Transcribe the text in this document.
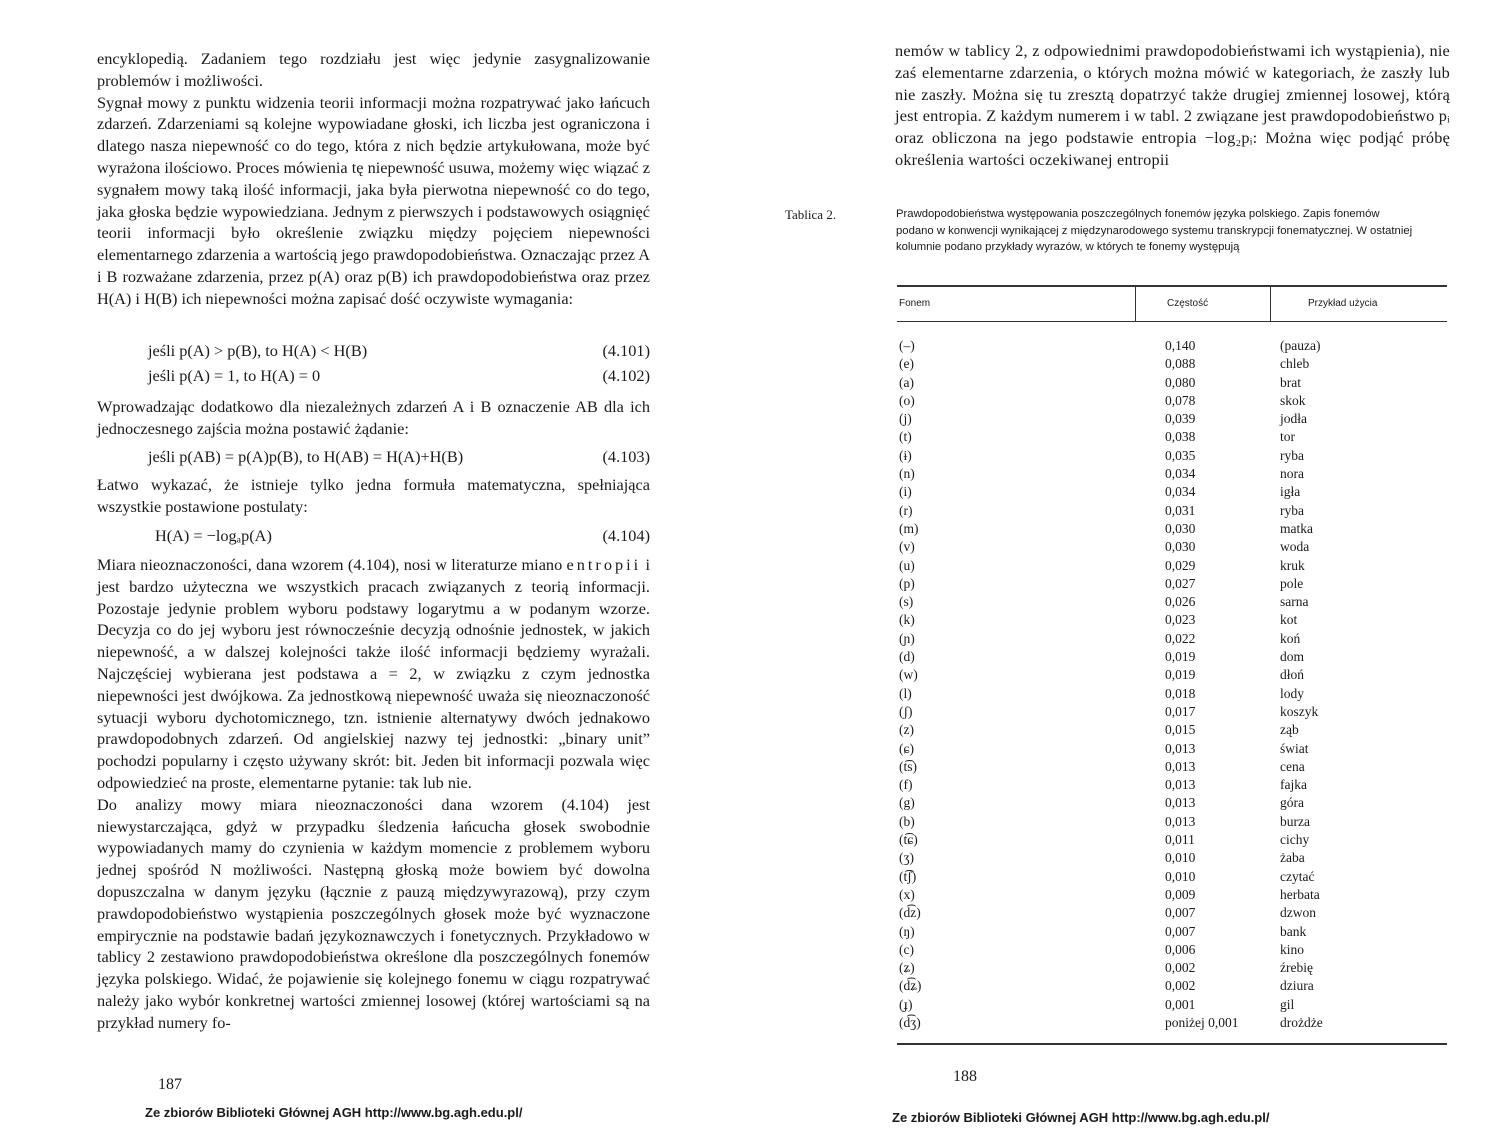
encyklopedią. Zadaniem tego rozdziału jest więc jedynie zasygnalizowanie problemów i możliwości.

Sygnał mowy z punktu widzenia teorii informacji można rozpatrywać jako łańcuch zdarzeń. Zdarzeniami są kolejne wypowiadane głoski, ich liczba jest ograniczona i dlatego nasza niepewność co do tego, która z nich będzie artykułowana, może być wyrażona ilościowo. Proces mówienia tę niepewność usuwa, możemy więc wiązać z sygnałem mowy taką ilość informacji, jaka była pierwotna niepewność co do tego, jaka głoska będzie wypowiedziana. Jednym z pierwszych i podstawowych osiągnięć teorii informacji było określenie związku między pojęciem niepewności elementarnego zdarzenia a wartością jego prawdopodobieństwa. Oznaczając przez A i B rozważane zdarzenia, przez p(A) oraz p(B) ich prawdopodobieństwa oraz przez H(A) i H(B) ich niepewności można zapisać dość oczywiste wymagania:

jeśli p(A) > p(B), to H(A) < H(B)	(4.101)
jeśli p(A) = 1, to H(A) = 0	(4.102)

Wprowadzając dodatkowo dla niezależnych zdarzeń A i B oznaczenie AB dla ich jednoczesnego zajścia można postawić żądanie:

jeśli p(AB) = p(A)p(B), to H(AB) = H(A)+H(B)	(4.103)

Łatwo wykazać, że istnieje tylko jedna formuła matematyczna, spełniająca wszystkie postawione postulaty:

H(A) = −logₐp(A)	(4.104)

Miara nieoznaczoności, dana wzorem (4.104), nosi w literaturze miano entropii i jest bardzo użyteczna we wszystkich pracach związanych z teorią informacji. Pozostaje jedynie problem wyboru podstawy logarytmu a w podanym wzorze. Decyzja co do jej wyboru jest równocześnie decyzją odnośnie jednostek, w jakich niepewność, a w dalszej kolejności także ilość informacji będziemy wyrażali. Najczęściej wybierana jest podstawa a = 2, w związku z czym jednostka niepewności jest dwójkowa. Za jednostkową niepewność uważa się nieoznaczoność sytuacji wyboru dychotomicznego, tzn. istnienie alternatywy dwóch jednakowo prawdopodobnych zdarzeń. Od angielskiej nazwy tej jednostki: „binary unit” pochodzi popularny i często używany skrót: bit. Jeden bit informacji pozwala więc odpowiedzieć na proste, elementarne pytanie: tak lub nie.

Do analizy mowy miara nieoznaczoności dana wzorem (4.104) jest niewystarczająca, gdyż w przypadku śledzenia łańcucha głosek swobodnie wypowiadanych mamy do czynienia w każdym momencie z problemem wyboru jednej spośród N możliwości. Następną głoską może bowiem być dowolna dopuszczalna w danym języku (łącznie z pauzą międzywyrazową), przy czym prawdopodobieństwo wystąpienia poszczególnych głosek może być wyznaczone empirycznie na podstawie badań językoznawczych i fonetycznych. Przykładowo w tablicy 2 zestawiono prawdopodobieństwa określone dla poszczególnych fonemów języka polskiego. Widać, że pojawienie się kolejnego fonemu w ciągu rozpatrywać należy jako wybór konkretnej wartości zmiennej losowej (której wartościami są na przykład numery fo-

187
Ze zbiorów Biblioteki Głównej AGH http://www.bg.agh.edu.pl/

nemów w tablicy 2, z odpowiednimi prawdopodobieństwami ich wystąpienia), nie zaś elementarne zdarzenia, o których można mówić w kategoriach, że zaszły lub nie zaszły. Można się tu zresztą dopatrzyć także drugiej zmiennej losowej, którą jest entropia. Z każdym numerem i w tabl. 2 związane jest prawdopodobieństwo pᵢ oraz obliczona na jego podstawie entropia −log₂pᵢ: Można więc podjąć próbę określenia wartości oczekiwanej entropii

Tablica 2.	Prawdopodobieństwa występowania poszczególnych fonemów języka polskiego. Zapis fonemów podano w konwencji wynikającej z międzynarodowego systemu transkrypcji fonematycznej. W ostatniej kolumnie podano przykłady wyrazów, w których te fonemy występują

Fonem	Częstość	Przykład użycia
(–)	0,140	(pauza)
(e)	0,088	chleb
(a)	0,080	brat
(o)	0,078	skok
(j)	0,039	jodła
(t)	0,038	tor
(ɨ)	0,035	ryba
(n)	0,034	nora
(i)	0,034	igła
(r)	0,031	ryba
(m)	0,030	matka
(v)	0,030	woda
(u)	0,029	kruk
(p)	0,027	pole
(s)	0,026	sarna
(k)	0,023	kot
(ɲ)	0,022	koń
(d)	0,019	dom
(w)	0,019	dłoń
(l)	0,018	lody
(ʃ)	0,017	koszyk
(z)	0,015	ząb
(ɕ)	0,013	świat
(t͡s)	0,013	cena
(f)	0,013	fajka
(g)	0,013	góra
(b)	0,013	burza
(t͡ɕ)	0,011	cichy
(ʒ)	0,010	żaba
(t͡ʃ)	0,010	czytać
(x)	0,009	herbata
(d͡z)	0,007	dzwon
(ŋ)	0,007	bank
(c)	0,006	kino
(ʑ)	0,002	źrebię
(d͡ʑ)	0,002	dziura
(ɟ)	0,001	gil
(d͡ʒ)	poniżej 0,001	drożdże
188
Ze zbiorów Biblioteki Głównej AGH http://www.bg.agh.edu.pl/
